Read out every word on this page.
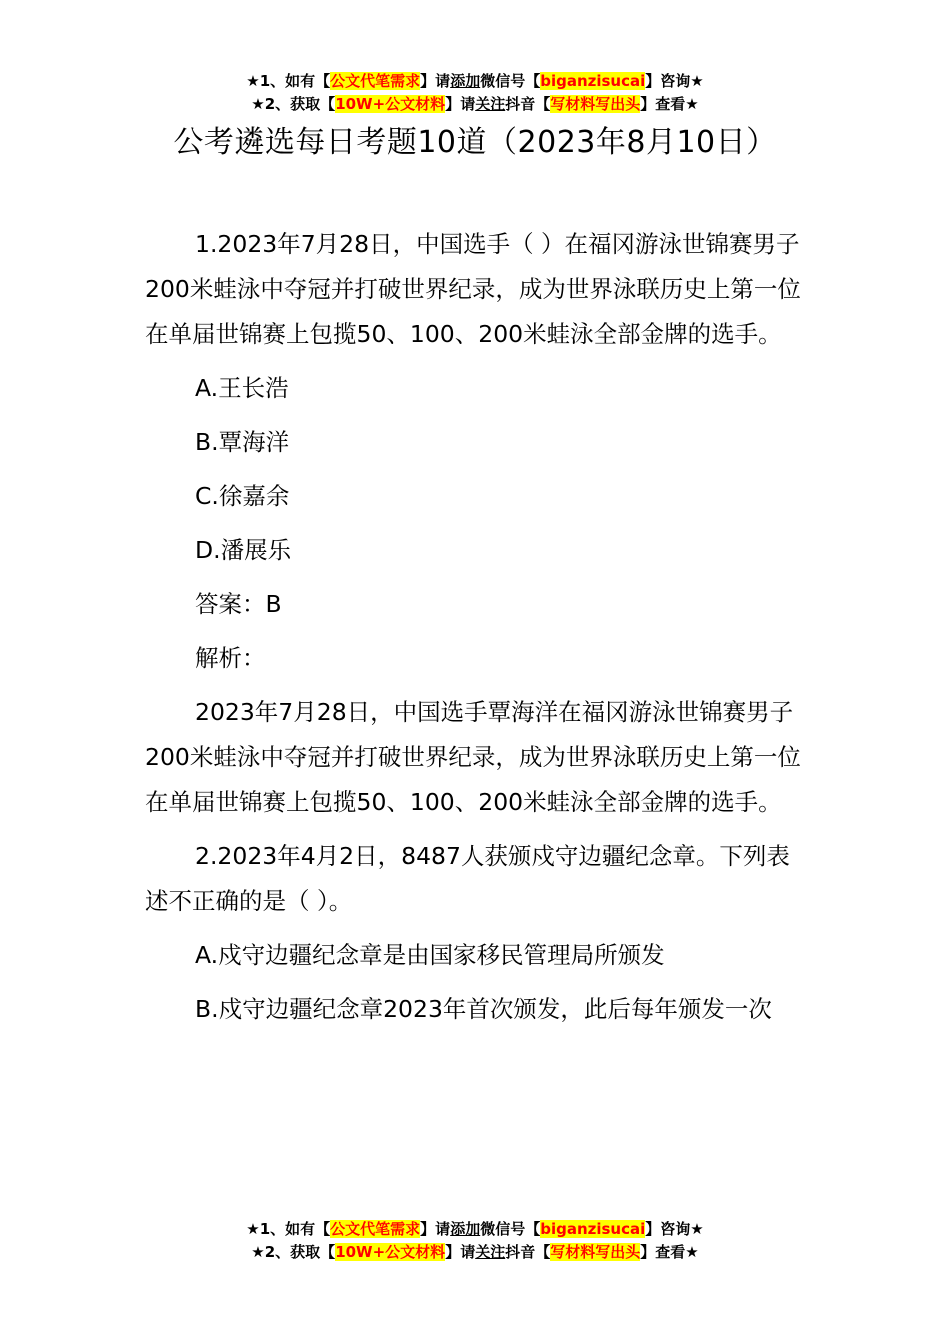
★1、如有【公文代笔需求】请添加微信号【biganzisucai】咨询★
★2、获取【10W+公文材料】请关注抖音【写材料写出头】查看★
公考遴选每日考题10道（2023年8月10日）

1.2023年7月28日，中国选手（ ）在福冈游泳世锦赛男子200米蛙泳中夺冠并打破世界纪录，成为世界泳联历史上第一位在单届世锦赛上包揽50、100、200米蛙泳全部金牌的选手。

A.王长浩

B.覃海洋

C.徐嘉余

D.潘展乐

答案：B

解析：

2023年7月28日，中国选手覃海洋在福冈游泳世锦赛男子200米蛙泳中夺冠并打破世界纪录，成为世界泳联历史上第一位在单届世锦赛上包揽50、100、200米蛙泳全部金牌的选手。

2.2023年4月2日，8487人获颁戍守边疆纪念章。下列表述不正确的是（ ）。

A.戍守边疆纪念章是由国家移民管理局所颁发

B.戍守边疆纪念章2023年首次颁发，此后每年颁发一次

★1、如有【公文代笔需求】请添加微信号【biganzisucai】咨询★
★2、获取【10W+公文材料】请关注抖音【写材料写出头】查看★
